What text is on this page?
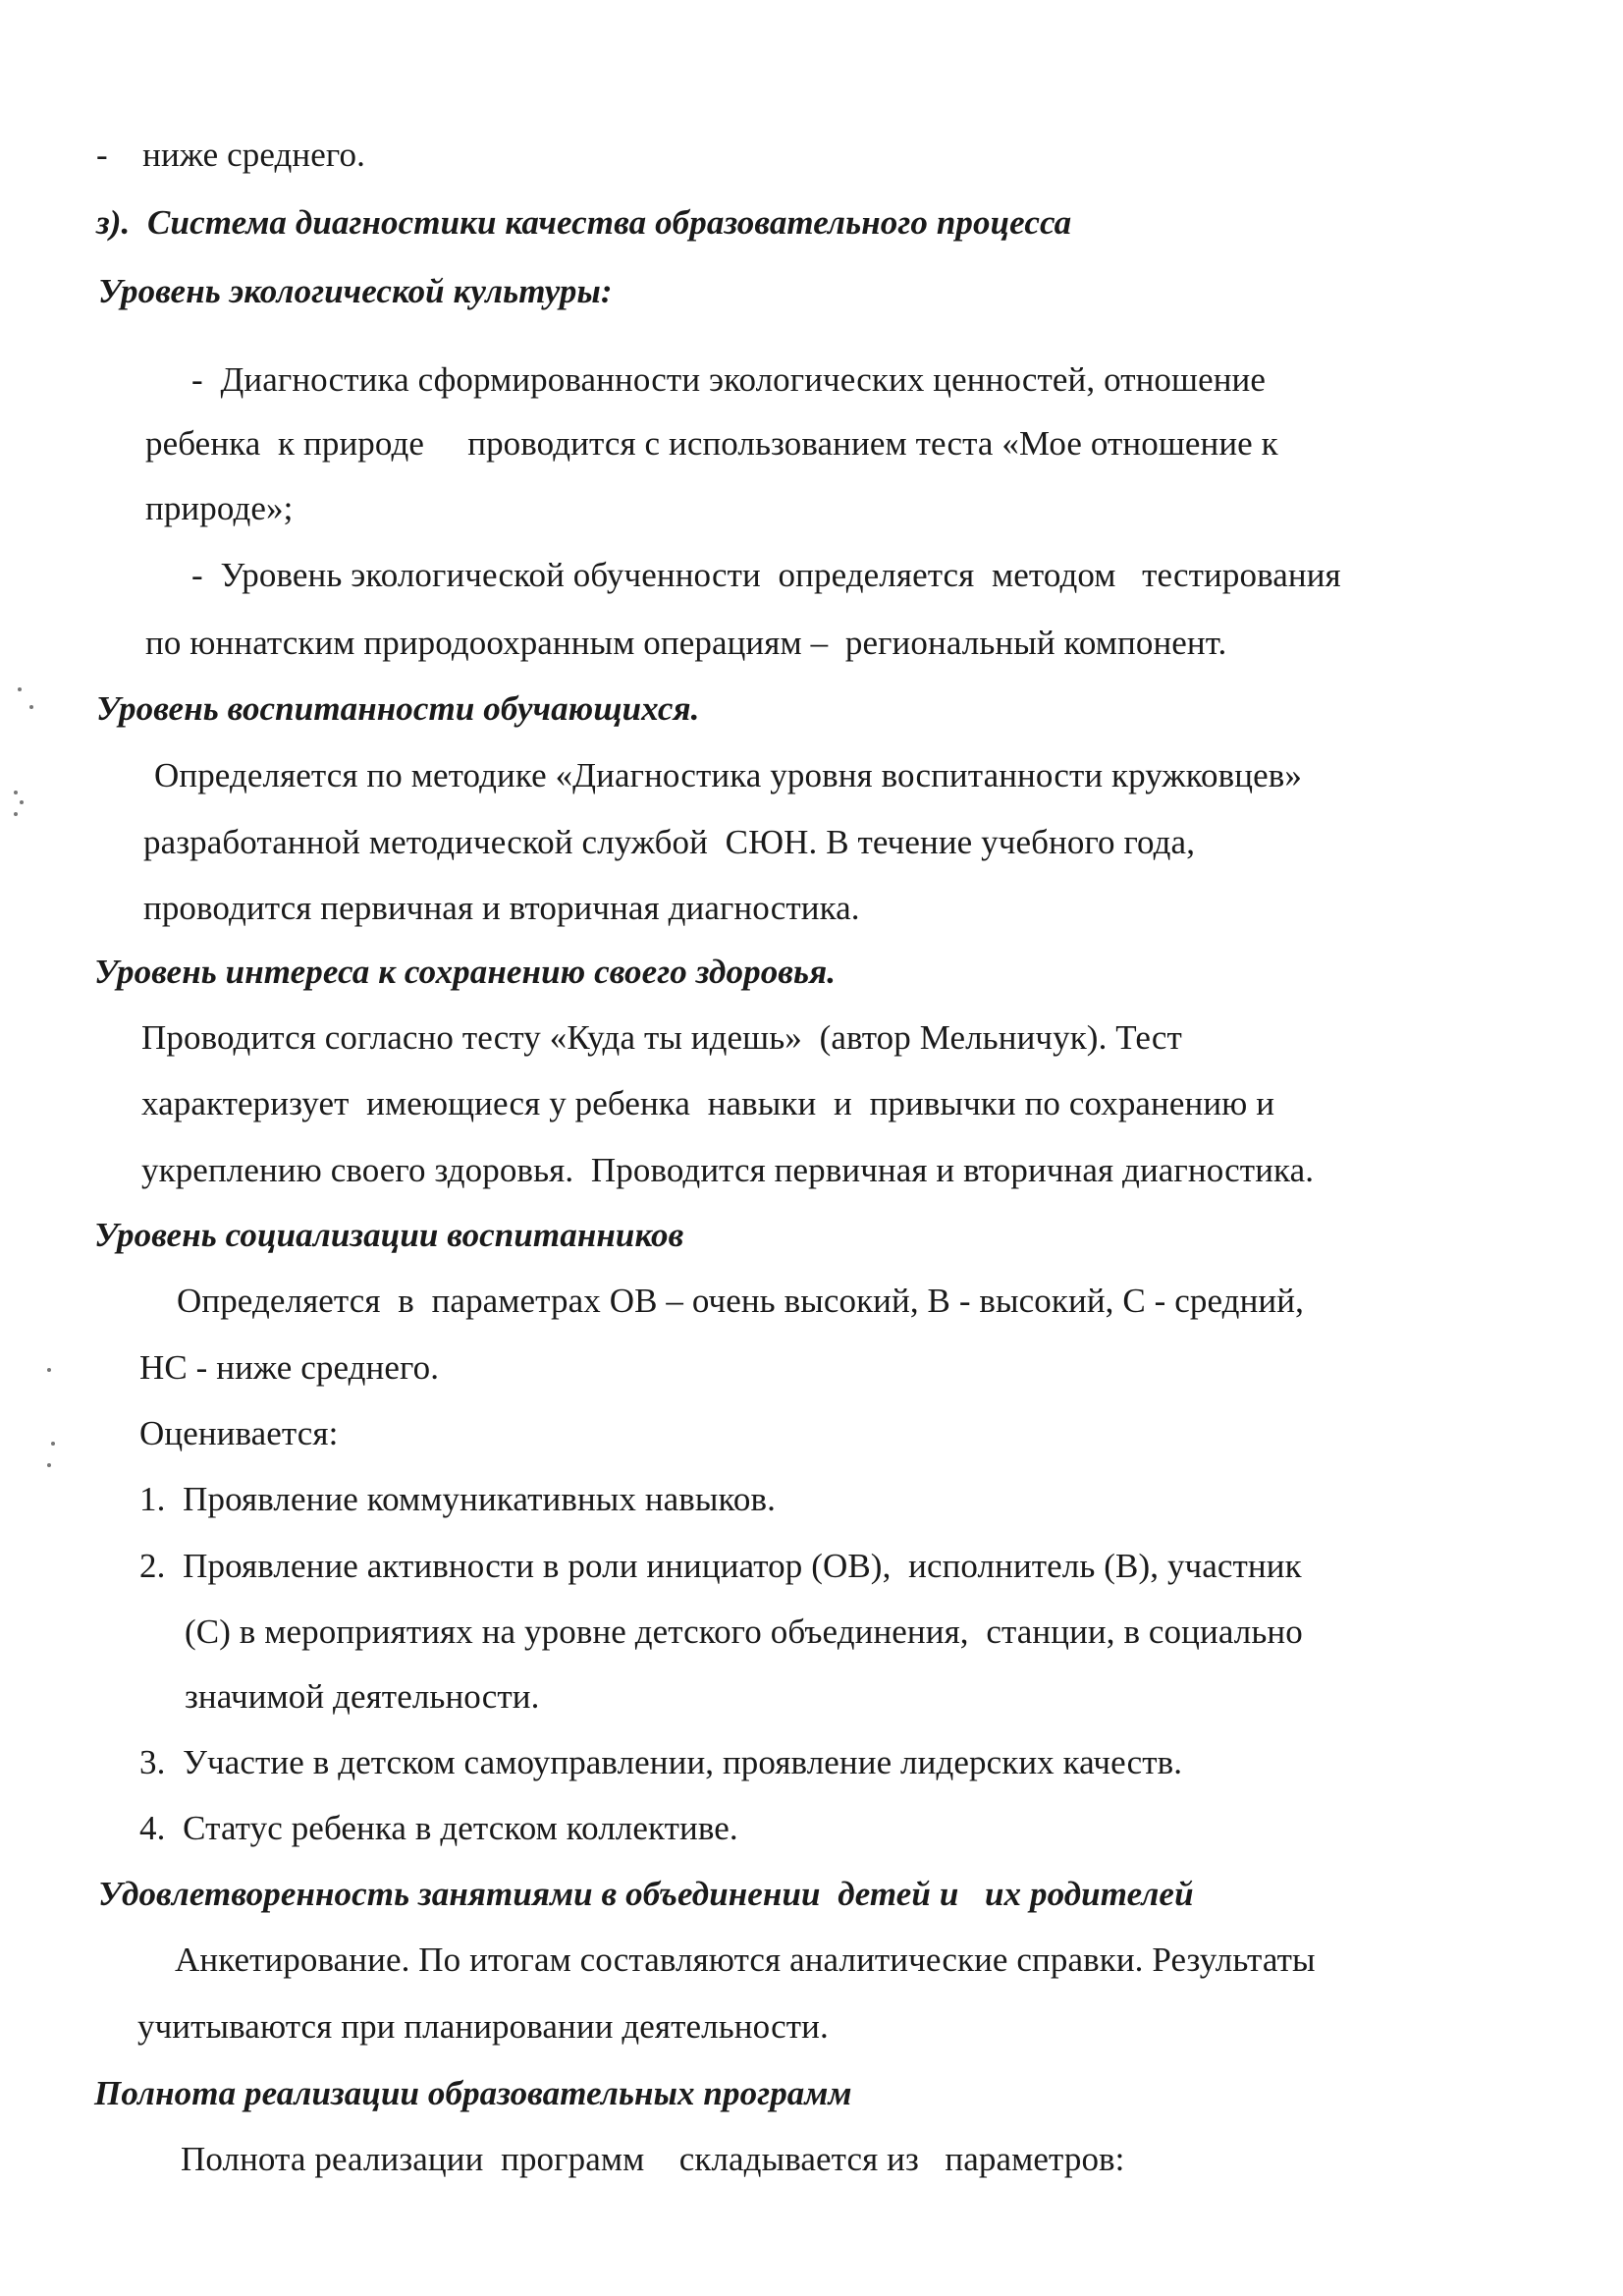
-    ниже среднего.
з).  Система диагностики качества образовательного процесса
Уровень экологической культуры:
-  Диагностика сформированности экологических ценностей, отношение
ребенка  к природе     проводится с использованием теста «Мое отношение к
природе»;
-  Уровень экологической обученности  определяется  методом   тестирования
по юннатским природоохранным операциям –  региональный компонент.
Уровень воспитанности обучающихся.
Определяется по методике «Диагностика уровня воспитанности кружковцев»
разработанной методической службой  СЮН. В течение учебного года,
проводится первичная и вторичная диагностика.
Уровень интереса к сохранению своего здоровья.
Проводится согласно тесту «Куда ты идешь»  (автор Мельничук). Тест
характеризует  имеющиеся у ребенка  навыки  и  привычки по сохранению и
укреплению своего здоровья.  Проводится первичная и вторичная диагностика.
Уровень социализации воспитанников
Определяется  в  параметрах ОВ – очень высокий, В - высокий, С - средний,
НС - ниже среднего.
Оценивается:
1.  Проявление коммуникативных навыков.
2.  Проявление активности в роли инициатор (ОВ),  исполнитель (В), участник
(С) в мероприятиях на уровне детского объединения,  станции, в социально
значимой деятельности.
3.  Участие в детском самоуправлении, проявление лидерских качеств.
4.  Статус ребенка в детском коллективе.
Удовлетворенность занятиями в объединении  детей и   их родителей
Анкетирование. По итогам составляются аналитические справки. Результаты
учитываются при планировании деятельности.
Полнота реализации образовательных программ
Полнота реализации  программ    складывается из   параметров:
